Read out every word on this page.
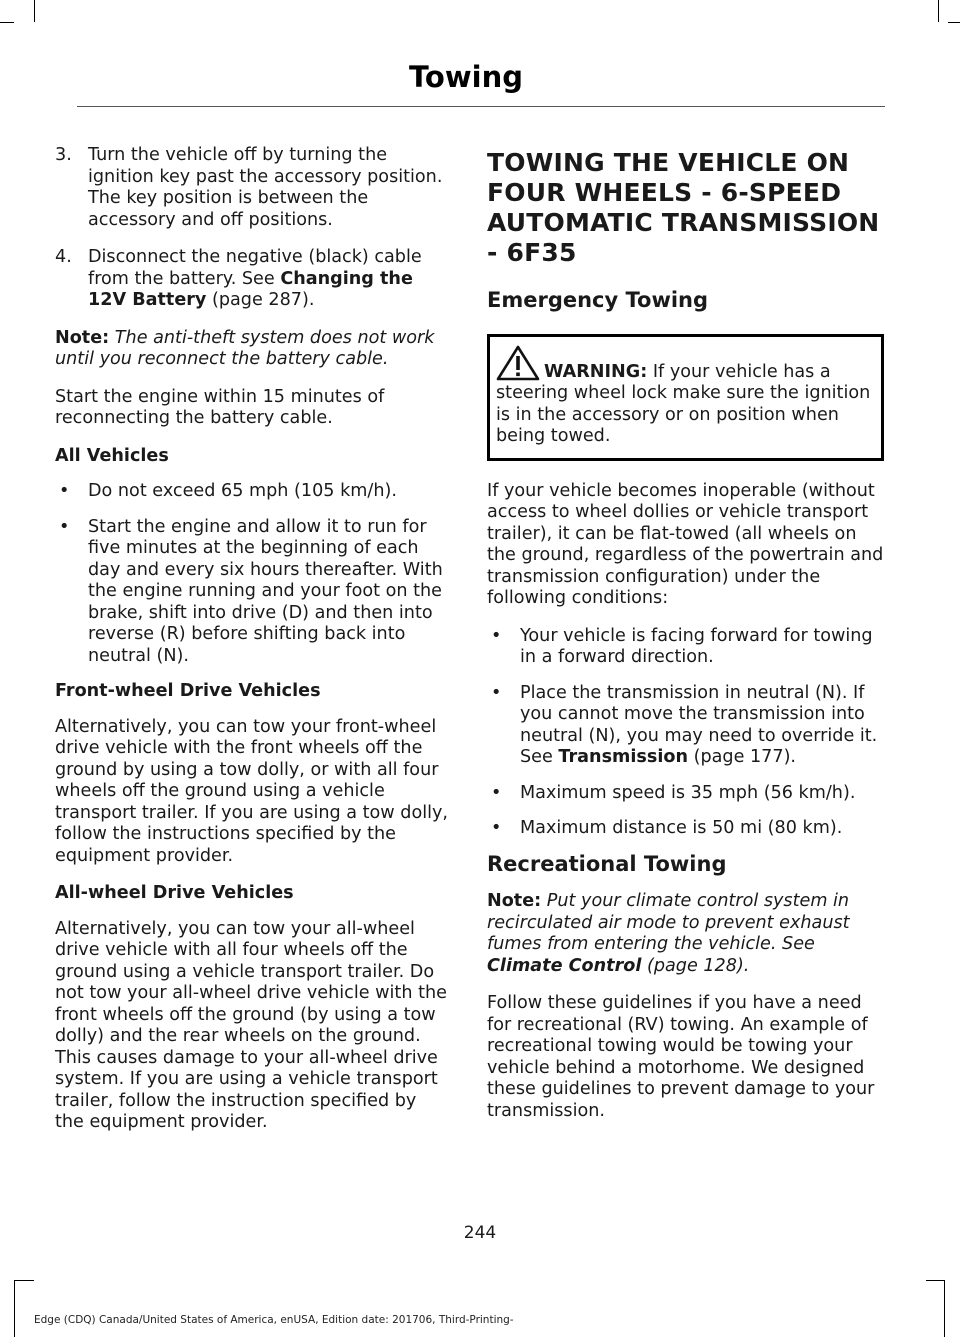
Towing
3. Turn the vehicle off by turning the ignition key past the accessory position. The key position is between the accessory and off positions.
4. Disconnect the negative (black) cable from the battery. See Changing the 12V Battery (page 287).

Note: The anti-theft system does not work until you reconnect the battery cable.

Start the engine within 15 minutes of reconnecting the battery cable.

All Vehicles
•	Do not exceed 65 mph (105 km/h).
•	Start the engine and allow it to run for five minutes at the beginning of each day and every six hours thereafter. With the engine running and your foot on the brake, shift into drive (D) and then into reverse (R) before shifting back into neutral (N).
Front-wheel Drive Vehicles

Alternatively, you can tow your front-wheel drive vehicle with the front wheels off the ground by using a tow dolly, or with all four wheels off the ground using a vehicle transport trailer. If you are using a tow dolly, follow the instructions specified by the equipment provider.

All-wheel Drive Vehicles

Alternatively, you can tow your all-wheel drive vehicle with all four wheels off the ground using a vehicle transport trailer. Do not tow your all-wheel drive vehicle with the front wheels off the ground (by using a tow dolly) and the rear wheels on the ground. This causes damage to your all-wheel drive system. If you are using a vehicle transport trailer, follow the instruction specified by the equipment provider.

TOWING THE VEHICLE ON FOUR WHEELS - 6-SPEED AUTOMATIC TRANSMISSION - 6F35
Emergency Towing
WARNING: If your vehicle has a steering wheel lock make sure the ignition is in the accessory or on position when being towed.

If your vehicle becomes inoperable (without access to wheel dollies or vehicle transport trailer), it can be flat-towed (all wheels on the ground, regardless of the powertrain and transmission configuration) under the following conditions:

•	Your vehicle is facing forward for towing in a forward direction.
•	Place the transmission in neutral (N). If you cannot move the transmission into neutral (N), you may need to override it. See Transmission (page 177).
•	Maximum speed is 35 mph (56 km/h).
•	Maximum distance is 50 mi (80 km).
Recreational Towing

Note: Put your climate control system in recirculated air mode to prevent exhaust fumes from entering the vehicle. See Climate Control (page 128).

Follow these guidelines if you have a need for recreational (RV) towing. An example of recreational towing would be towing your vehicle behind a motorhome. We designed these guidelines to prevent damage to your transmission.

244
Edge (CDQ) Canada/United States of America, enUSA, Edition date: 201706, Third-Printing-
